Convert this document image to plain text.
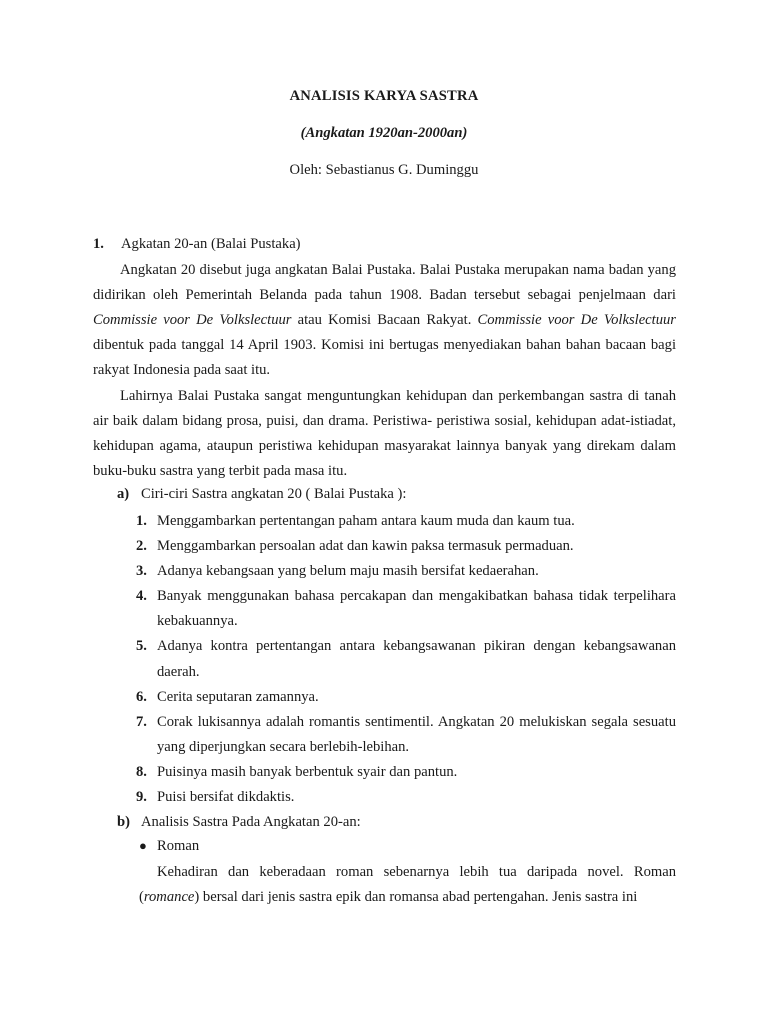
ANALISIS KARYA SASTRA
(Angkatan 1920an-2000an)
Oleh: Sebastianus G. Duminggu
1. Agkatan 20-an (Balai Pustaka)
Angkatan 20 disebut juga angkatan Balai Pustaka. Balai Pustaka merupakan nama badan yang didirikan oleh Pemerintah Belanda pada tahun 1908. Badan tersebut sebagai penjelmaan dari Commissie voor De Volkslectuur atau Komisi Bacaan Rakyat. Commissie voor De Volkslectuur dibentuk pada tanggal 14 April 1903. Komisi ini bertugas menyediakan bahan bahan bacaan bagi rakyat Indonesia pada saat itu.
Lahirnya Balai Pustaka sangat menguntungkan kehidupan dan perkembangan sastra di tanah air baik dalam bidang prosa, puisi, dan drama. Peristiwa- peristiwa sosial, kehidupan adat-istiadat, kehidupan agama, ataupun peristiwa kehidupan masyarakat lainnya banyak yang direkam dalam buku-buku sastra yang terbit pada masa itu.
a) Ciri-ciri Sastra angkatan 20 ( Balai Pustaka ):
1. Menggambarkan pertentangan paham antara kaum muda dan kaum tua.
2. Menggambarkan persoalan adat dan kawin paksa termasuk permaduan.
3. Adanya kebangsaan yang belum maju masih bersifat kedaerahan.
4. Banyak menggunakan bahasa percakapan dan mengakibatkan bahasa tidak terpelihara kebakuannya.
5. Adanya kontra pertentangan antara kebangsawanan pikiran dengan kebangsawanan daerah.
6. Cerita seputaran zamannya.
7. Corak lukisannya adalah romantis sentimentil. Angkatan 20 melukiskan segala sesuatu yang diperjungkan secara berlebih-lebihan.
8. Puisinya masih banyak berbentuk syair dan pantun.
9. Puisi bersifat dikdaktis.
b) Analisis Sastra Pada Angkatan 20-an:
● Roman
Kehadiran dan keberadaan roman sebenarnya lebih tua daripada novel. Roman (romance) bersal dari jenis sastra epik dan romansa abad pertengahan. Jenis sastra ini
